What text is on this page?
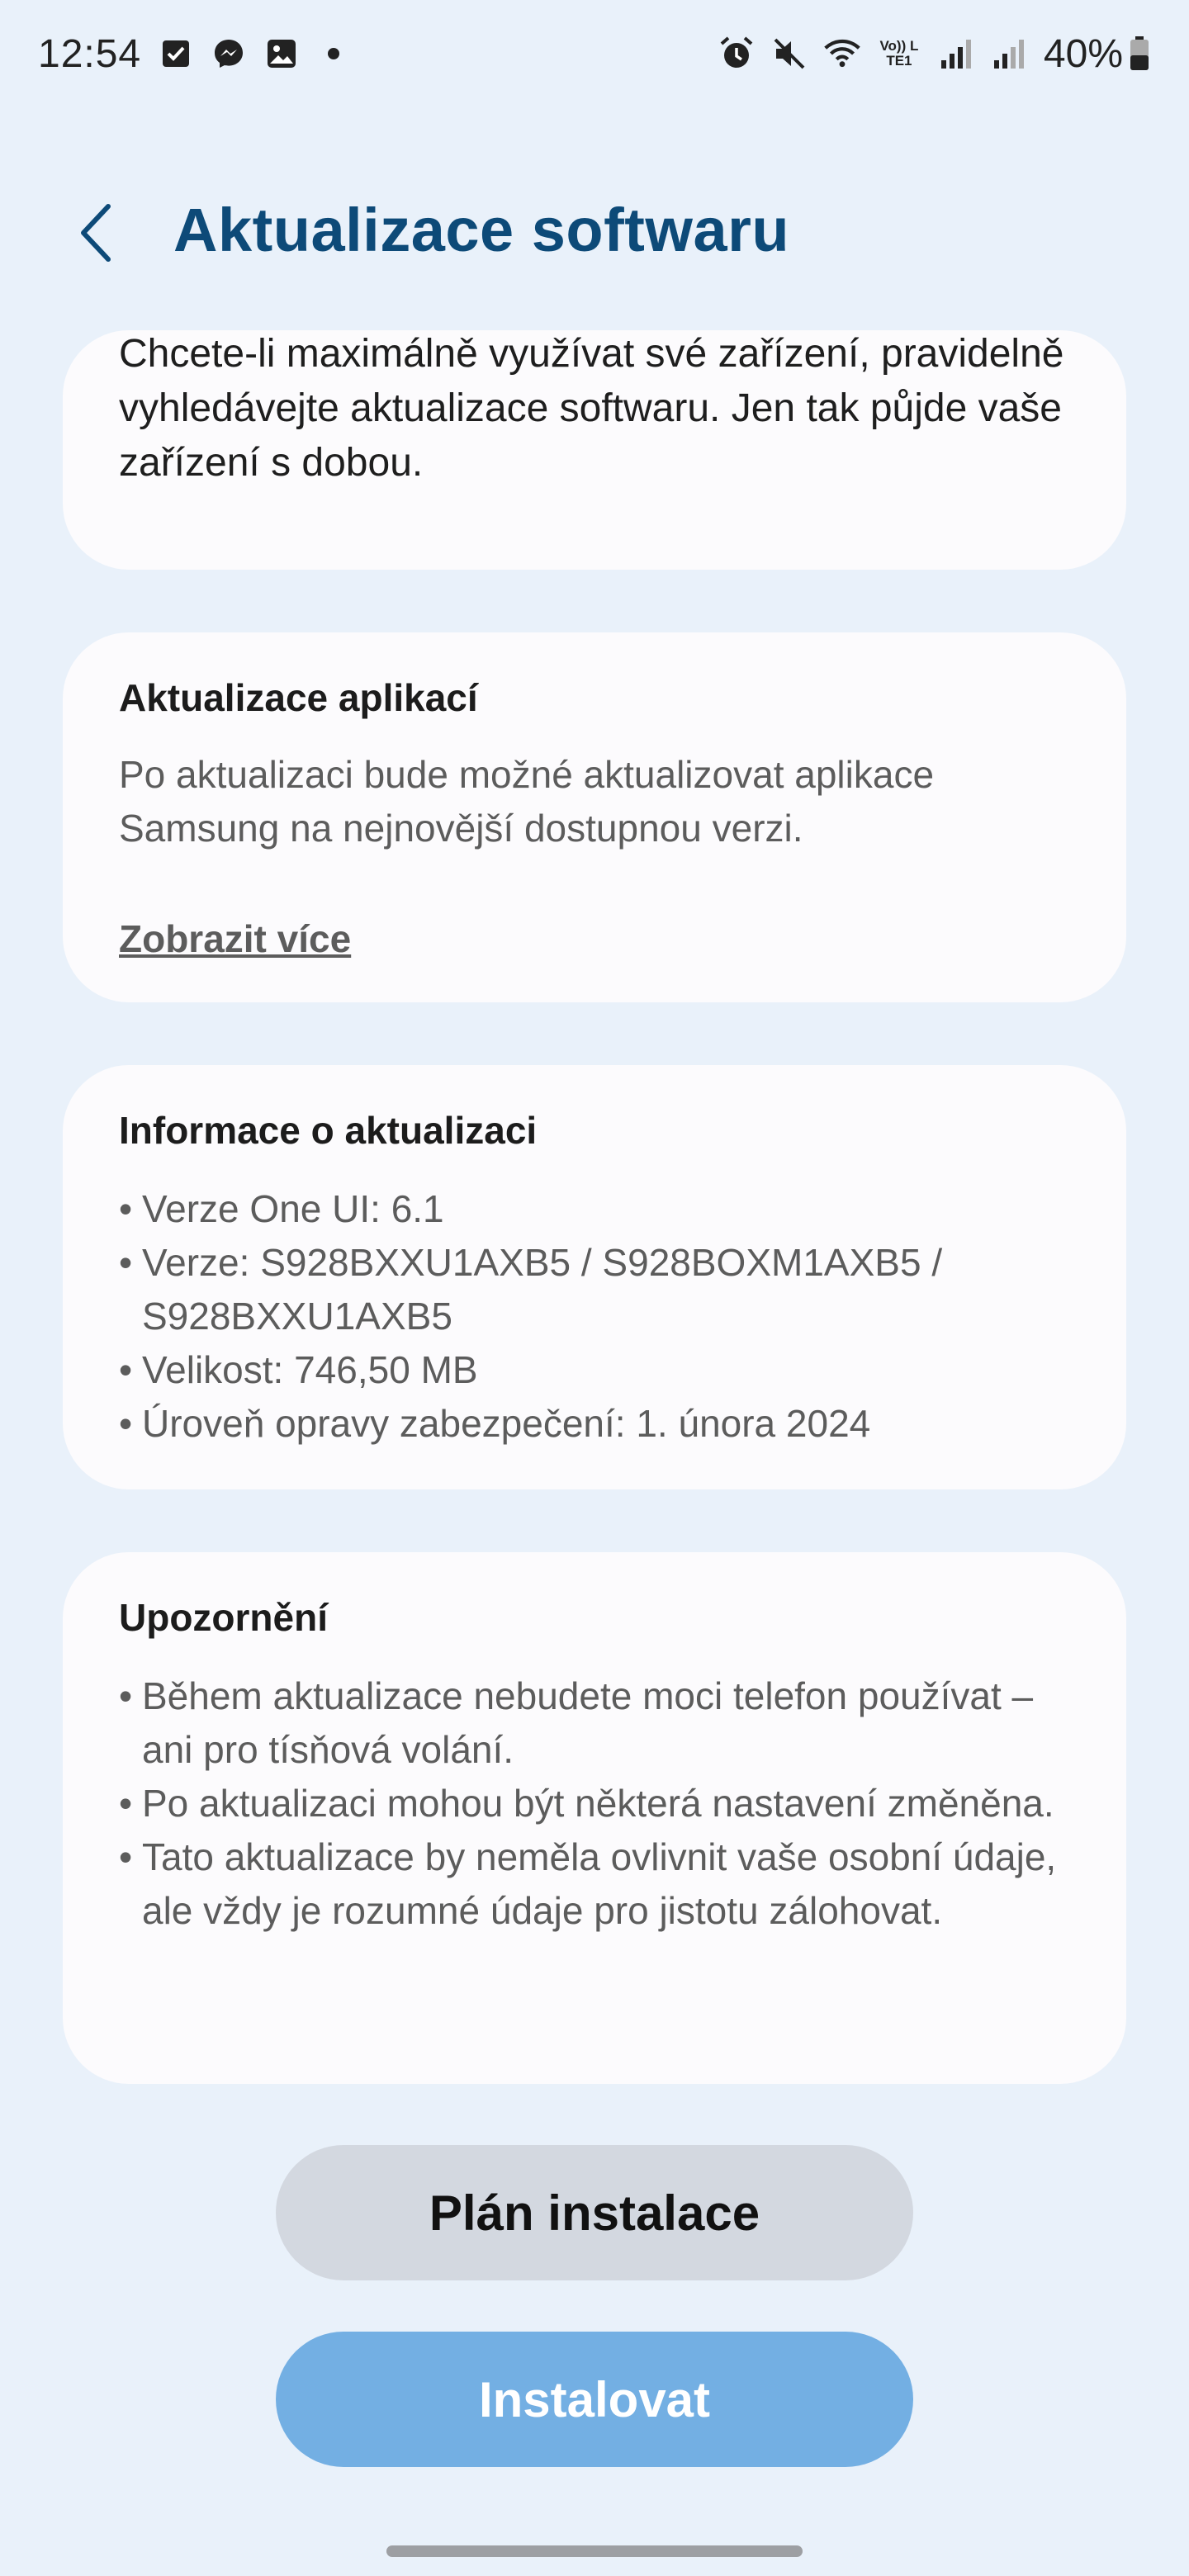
12:54	Vo)) LTE1	40%
Aktualizace softwaru

Chcete-li maximálně využívat své zařízení, pravidelně vyhledávejte aktualizace softwaru. Jen tak půjde vaše zařízení s dobou.

Aktualizace aplikací

Po aktualizaci bude možné aktualizovat aplikace Samsung na nejnovější dostupnou verzi.

Zobrazit více
Informace o aktualizaci
• Verze One UI: 6.1
• Verze: S928BXXU1AXB5 / S928BOXM1AXB5 / S928BXXU1AXB5
• Velikost: 746,50 MB
• Úroveň opravy zabezpečení: 1. února 2024
Upozornění
• Během aktualizace nebudete moci telefon používat – ani pro tísňová volání.
• Po aktualizaci mohou být některá nastavení změněna.
• Tato aktualizace by neměla ovlivnit vaše osobní údaje, ale vždy je rozumné údaje pro jistotu zálohovat.
Plán instalace
Instalovat
